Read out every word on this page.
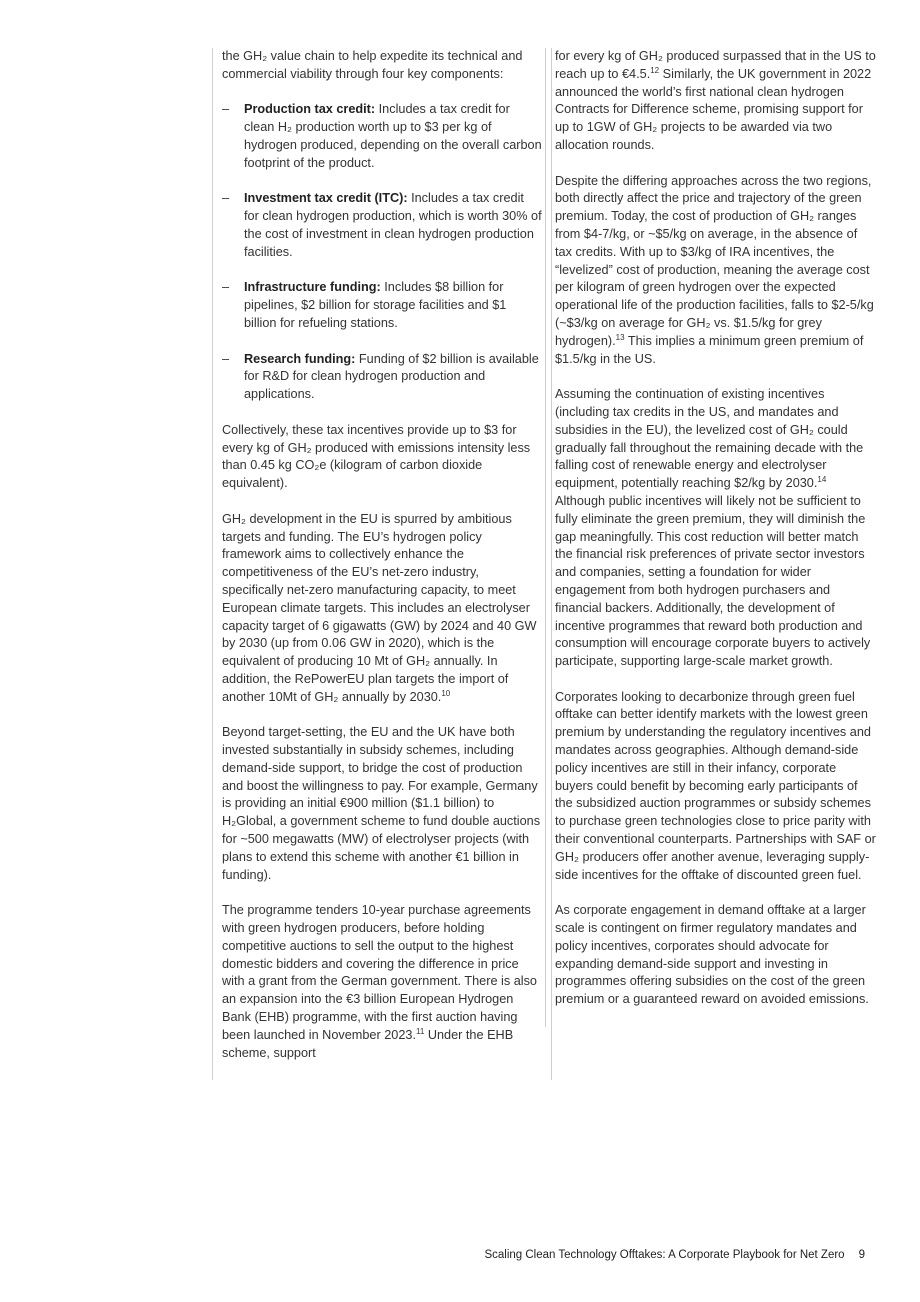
the GH₂ value chain to help expedite its technical and commercial viability through four key components:

– Production tax credit: Includes a tax credit for clean H₂ production worth up to $3 per kg of hydrogen produced, depending on the overall carbon footprint of the product.
– Investment tax credit (ITC): Includes a tax credit for clean hydrogen production, which is worth 30% of the cost of investment in clean hydrogen production facilities.
– Infrastructure funding: Includes $8 billion for pipelines, $2 billion for storage facilities and $1 billion for refueling stations.
– Research funding: Funding of $2 billion is available for R&D for clean hydrogen production and applications.

Collectively, these tax incentives provide up to $3 for every kg of GH₂ produced with emissions intensity less than 0.45 kg CO₂e (kilogram of carbon dioxide equivalent).

GH₂ development in the EU is spurred by ambitious targets and funding. The EU’s hydrogen policy framework aims to collectively enhance the competitiveness of the EU’s net-zero industry, specifically net-zero manufacturing capacity, to meet European climate targets. This includes an electrolyser capacity target of 6 gigawatts (GW) by 2024 and 40 GW by 2030 (up from 0.06 GW in 2020), which is the equivalent of producing 10 Mt of GH₂ annually. In addition, the RePowerEU plan targets the import of another 10Mt of GH₂ annually by 2030.10

Beyond target-setting, the EU and the UK have both invested substantially in subsidy schemes, including demand-side support, to bridge the cost of production and boost the willingness to pay. For example, Germany is providing an initial €900 million ($1.1 billion) to H₂Global, a government scheme to fund double auctions for ~500 megawatts (MW) of electrolyser projects (with plans to extend this scheme with another €1 billion in funding).

The programme tenders 10-year purchase agreements with green hydrogen producers, before holding competitive auctions to sell the output to the highest domestic bidders and covering the difference in price with a grant from the German government. There is also an expansion into the €3 billion European Hydrogen Bank (EHB) programme, with the first auction having been launched in November 2023.11 Under the EHB scheme, support

for every kg of GH₂ produced surpassed that in the US to reach up to €4.5.12 Similarly, the UK government in 2022 announced the world’s first national clean hydrogen Contracts for Difference scheme, promising support for up to 1GW of GH₂ projects to be awarded via two allocation rounds.

Despite the differing approaches across the two regions, both directly affect the price and trajectory of the green premium. Today, the cost of production of GH₂ ranges from $4-7/kg, or ~$5/kg on average, in the absence of tax credits. With up to $3/kg of IRA incentives, the “levelized” cost of production, meaning the average cost per kilogram of green hydrogen over the expected operational life of the production facilities, falls to $2-5/kg (~$3/kg on average for GH₂ vs. $1.5/kg for grey hydrogen).$^{13}$ This implies a minimum green premium of $1.5/kg in the US.

Assuming the continuation of existing incentives (including tax credits in the US, and mandates and subsidies in the EU), the levelized cost of GH₂ could gradually fall throughout the remaining decade with the falling cost of renewable energy and electrolyser equipment, potentially reaching $2/kg by 2030.14 Although public incentives will likely not be sufficient to fully eliminate the green premium, they will diminish the gap meaningfully. This cost reduction will better match the financial risk preferences of private sector investors and companies, setting a foundation for wider engagement from both hydrogen purchasers and financial backers. Additionally, the development of incentive programmes that reward both production and consumption will encourage corporate buyers to actively participate, supporting large-scale market growth.

Corporates looking to decarbonize through green fuel offtake can better identify markets with the lowest green premium by understanding the regulatory incentives and mandates across geographies. Although demand-side policy incentives are still in their infancy, corporate buyers could benefit by becoming early participants of the subsidized auction programmes or subsidy schemes to purchase green technologies close to price parity with their conventional counterparts. Partnerships with SAF or GH₂ producers offer another avenue, leveraging supply-side incentives for the offtake of discounted green fuel.

As corporate engagement in demand offtake at a larger scale is contingent on firmer regulatory mandates and policy incentives, corporates should advocate for expanding demand-side support and investing in programmes offering subsidies on the cost of the green premium or a guaranteed reward on avoided emissions.

Scaling Clean Technology Offtakes: A Corporate Playbook for Net Zero 9
